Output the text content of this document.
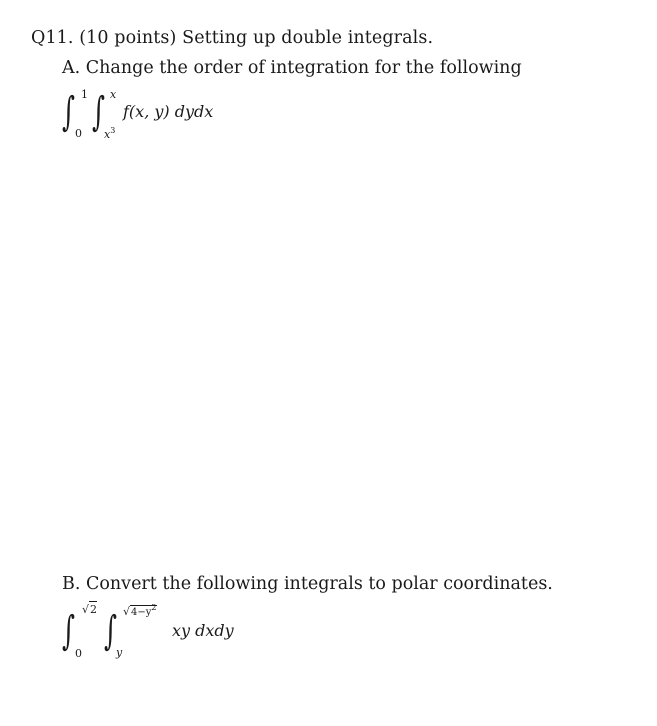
Q11. (10 points) Setting up double integrals.
A. Change the order of integration for the following
∫ 1
0 ∫ x
$x^3$
f(x, y) dydx
B. Convert the following integrals to polar coordinates.
∫ √2
0 ∫ $√4-y^2$
y
xy dxdy
